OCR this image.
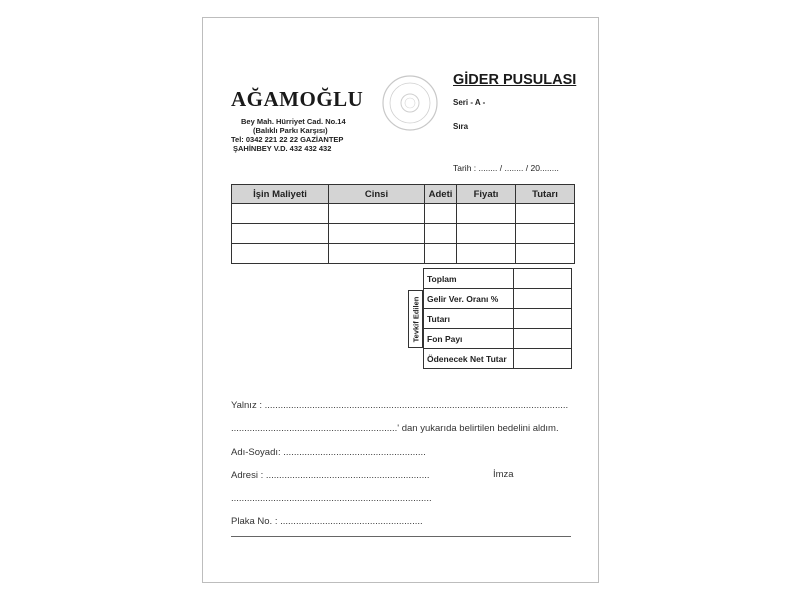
AĞAMOĞLU
Bey Mah. Hürriyet Cad. No.14
(Balıklı Parkı Karşısı)
Tel: 0342 221 22 22 GAZİANTEP
ŞAHİNBEY V.D. 432 432 432
GİDER PUSULASI
Seri - A -
Sıra
Tarih : ........ / ........ / 20........
İşin Maliyeti	Cinsi	Adeti	Fiyatı	Tutarı

Toplam	
Gelir Ver. Oranı %	
Tutarı	
Fon Payı	
Ödenecek Net Tutar	
Tevkif Edilen
Yalnız : ...................................................................................................................
...............................................................' dan yukarıda belirtilen bedelini aldım.
Adı-Soyadı: ......................................................
Adresi : ..............................................................	İmza
............................................................................
Plaka No. : ......................................................
